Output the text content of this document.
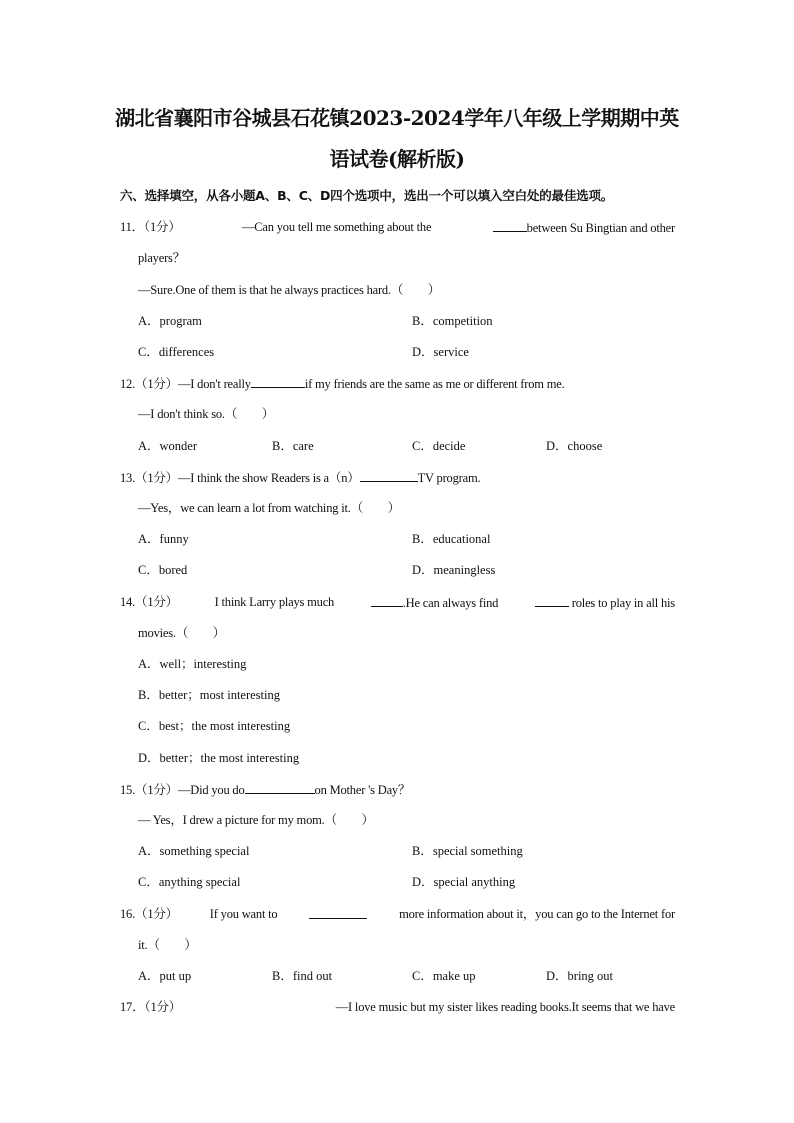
湖北省襄阳市谷城县石花镇2023-2024学年八年级上学期期中英
语试卷(解析版)
六、选择填空，从各小题A、B、C、D四个选项中，选出一个可以填入空白处的最佳选项。
11．（1分）	—Can you tell me something about the	between Su Bingtian and other
players？
—Sure.One of them is that he always practices hard.（　　）
A．program	B．competition
C．differences	D．service
12.（1分）—I don't really	if my friends are the same as me or different from me.
—I don't think so.（　　）
A．wonder	B．care	C．decide	D．choose
13.（1分）—I think the show Readers is a（n）	TV program.
—Yes，we can learn a lot from watching it.（　　）
A．funny	B．educational
C．bored	D．meaningless
14.（1分）	I think Larry plays much	.He can always find	roles to play in all his
movies.（　　）
A．well；interesting
B．better；most interesting
C．best；the most interesting
D．better；the most interesting
15.（1分）—Did you do	on Mother 's Day？
— Yes，I drew a picture for my mom.（　　）
A．something special	B．special something
C．anything special	D．special anything
16.（1分）	If you want to	more information about it，you can go to the Internet for
it.（　　）
A．put up	B．find out	C．make up	D．bring out
17．（1分）	—I love music but my sister likes reading books.It seems that we have
